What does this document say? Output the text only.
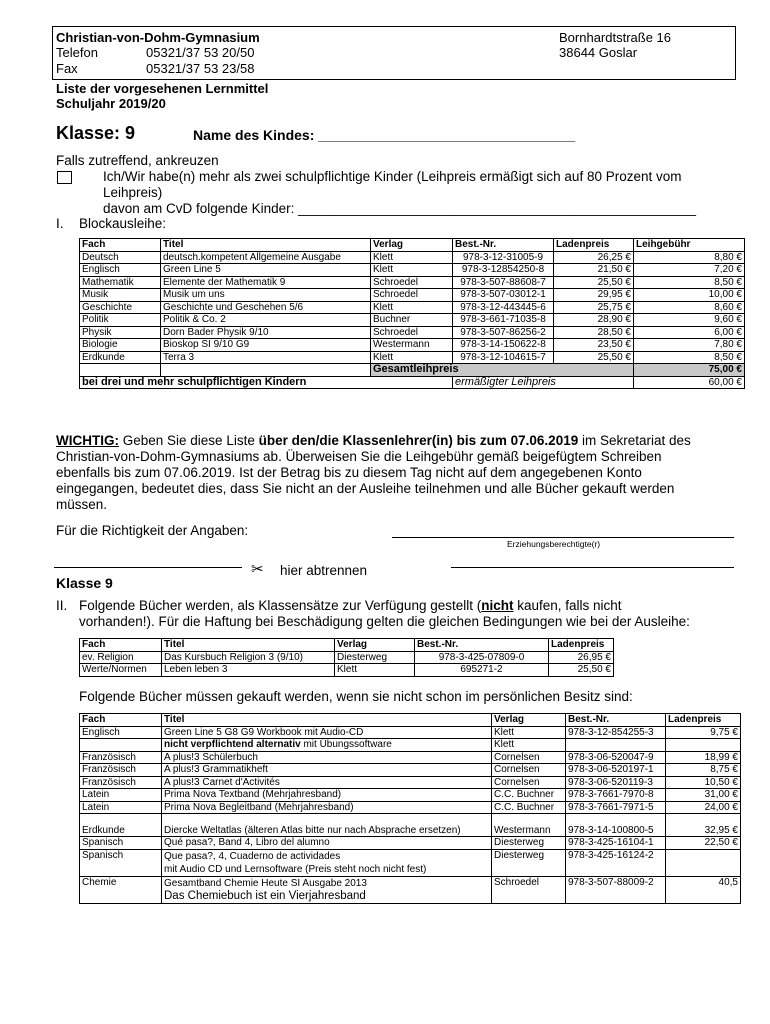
Christian-von-Dohm-Gymnasium
Telefon	05321/37 53 20/50
Fax	05321/37 53 23/58
Bornhardtstraße 16
38644 Goslar
Liste der vorgesehenen Lernmittel
Schuljahr 2019/20
Klasse: 9	Name des Kindes: _________________________________
Falls zutreffend, ankreuzen
Ich/Wir habe(n) mehr als zwei schulpflichtige Kinder (Leihpreis ermäßigt sich auf 80 Prozent vom
Leihpreis)
davon am CvD folgende Kinder: _____________________________________________________
I. Blockausleihe:
Fach	Titel	Verlag	Best.-Nr.	Ladenpreis	Leihgebühr
Deutsch	deutsch.kompetent Allgemeine Ausgabe	Klett	978-3-12-31005-9	26,25 €	8,80 €
Englisch	Green Line 5	Klett	978-3-12854250-8	21,50 €	7,20 €
Mathematik	Elemente der Mathematik 9	Schroedel	978-3-507-88608-7	25,50 €	8,50 €
Musik	Musik um uns	Schroedel	978-3-507-03012-1	29,95 €	10,00 €
Geschichte	Geschichte und Geschehen 5/6	Klett	978-3-12-443445-6	25,75 €	8,60 €
Politik	Politik & Co. 2	Buchner	978-3-661-71035-8	28,90 €	9,60 €
Physik	Dorn Bader Physik 9/10	Schroedel	978-3-507-86256-2	28,50 €	6,00 €
Biologie	Bioskop SI 9/10 G9	Westermann	978-3-14-150622-8	23,50 €	7,80 €
Erdkunde	Terra 3	Klett	978-3-12-104615-7	25,50 €	8,50 €
		Gesamtleihpreis			75,00 €
bei drei und mehr schulpflichtigen Kindern			ermäßigter Leihpreis		60,00 €
WICHTIG: Geben Sie diese Liste über den/die Klassenlehrer(in) bis zum 07.06.2019 im Sekretariat des
Christian-von-Dohm-Gymnasiums ab. Überweisen Sie die Leihgebühr gemäß beigefügtem Schreiben
ebenfalls bis zum 07.06.2019. Ist der Betrag bis zu diesem Tag nicht auf dem angegebenen Konto
eingegangen, bedeutet dies, dass Sie nicht an der Ausleihe teilnehmen und alle Bücher gekauft werden
müssen.
Für die Richtigkeit der Angaben:
Erziehungsberechtigte(r)
✂ hier abtrennen
Klasse 9
II. Folgende Bücher werden, als Klassensätze zur Verfügung gestellt (nicht kaufen, falls nicht
vorhanden!). Für die Haftung bei Beschädigung gelten die gleichen Bedingungen wie bei der Ausleihe:
Fach	Titel	Verlag	Best.-Nr.	Ladenpreis
ev. Religion	Das Kursbuch Religion 3 (9/10)	Diesterweg	978-3-425-07809-0	26,95 €
Werte/Normen	Leben leben 3	Klett	695271-2	25,50 €
Folgende Bücher müssen gekauft werden, wenn sie nicht schon im persönlichen Besitz sind:
Fach	Titel	Verlag	Best.-Nr.	Ladenpreis
Englisch	Green Line 5 G8 G9 Workbook mit Audio-CD	Klett	978-3-12-854255-3	9,75 €
	nicht verpflichtend alternativ mit Übungssoftware	Klett		
Französisch	A plus!3 Schülerbuch	Cornelsen	978-3-06-520047-9	18,99 €
Französisch	A plus!3 Grammatikheft	Cornelsen	978-3-06-520197-1	8,75 €
Französisch	A plus!3 Carnet d'Activités	Cornelsen	978-3-06-520119-3	10,50 €
Latein	Prima Nova Textband (Mehrjahresband)	C.C. Buchner	978-3-7661-7970-8	31,00 €
Latein	Prima Nova Begleitband (Mehrjahresband)	C.C. Buchner	978-3-7661-7971-5	24,00 €
Erdkunde	Diercke Weltatlas (älteren Atlas bitte nur nach Absprache ersetzen)	Westermann	978-3-14-100800-5	32,95 €
Spanisch	Qué pasa?, Band 4, Libro del alumno	Diesterweg	978-3-425-16104-1	22,50 €
Spanisch	Que pasa?, 4, Cuaderno de actividades
mit Audio CD und Lernsoftware (Preis steht noch nicht fest)	Diesterweg	978-3-425-16124-2	
Chemie	Gesamtband Chemie Heute SI Ausgabe 2013
Das Chemiebuch ist ein Vierjahresband	Schroedel	978-3-507-88009-2	40,5
